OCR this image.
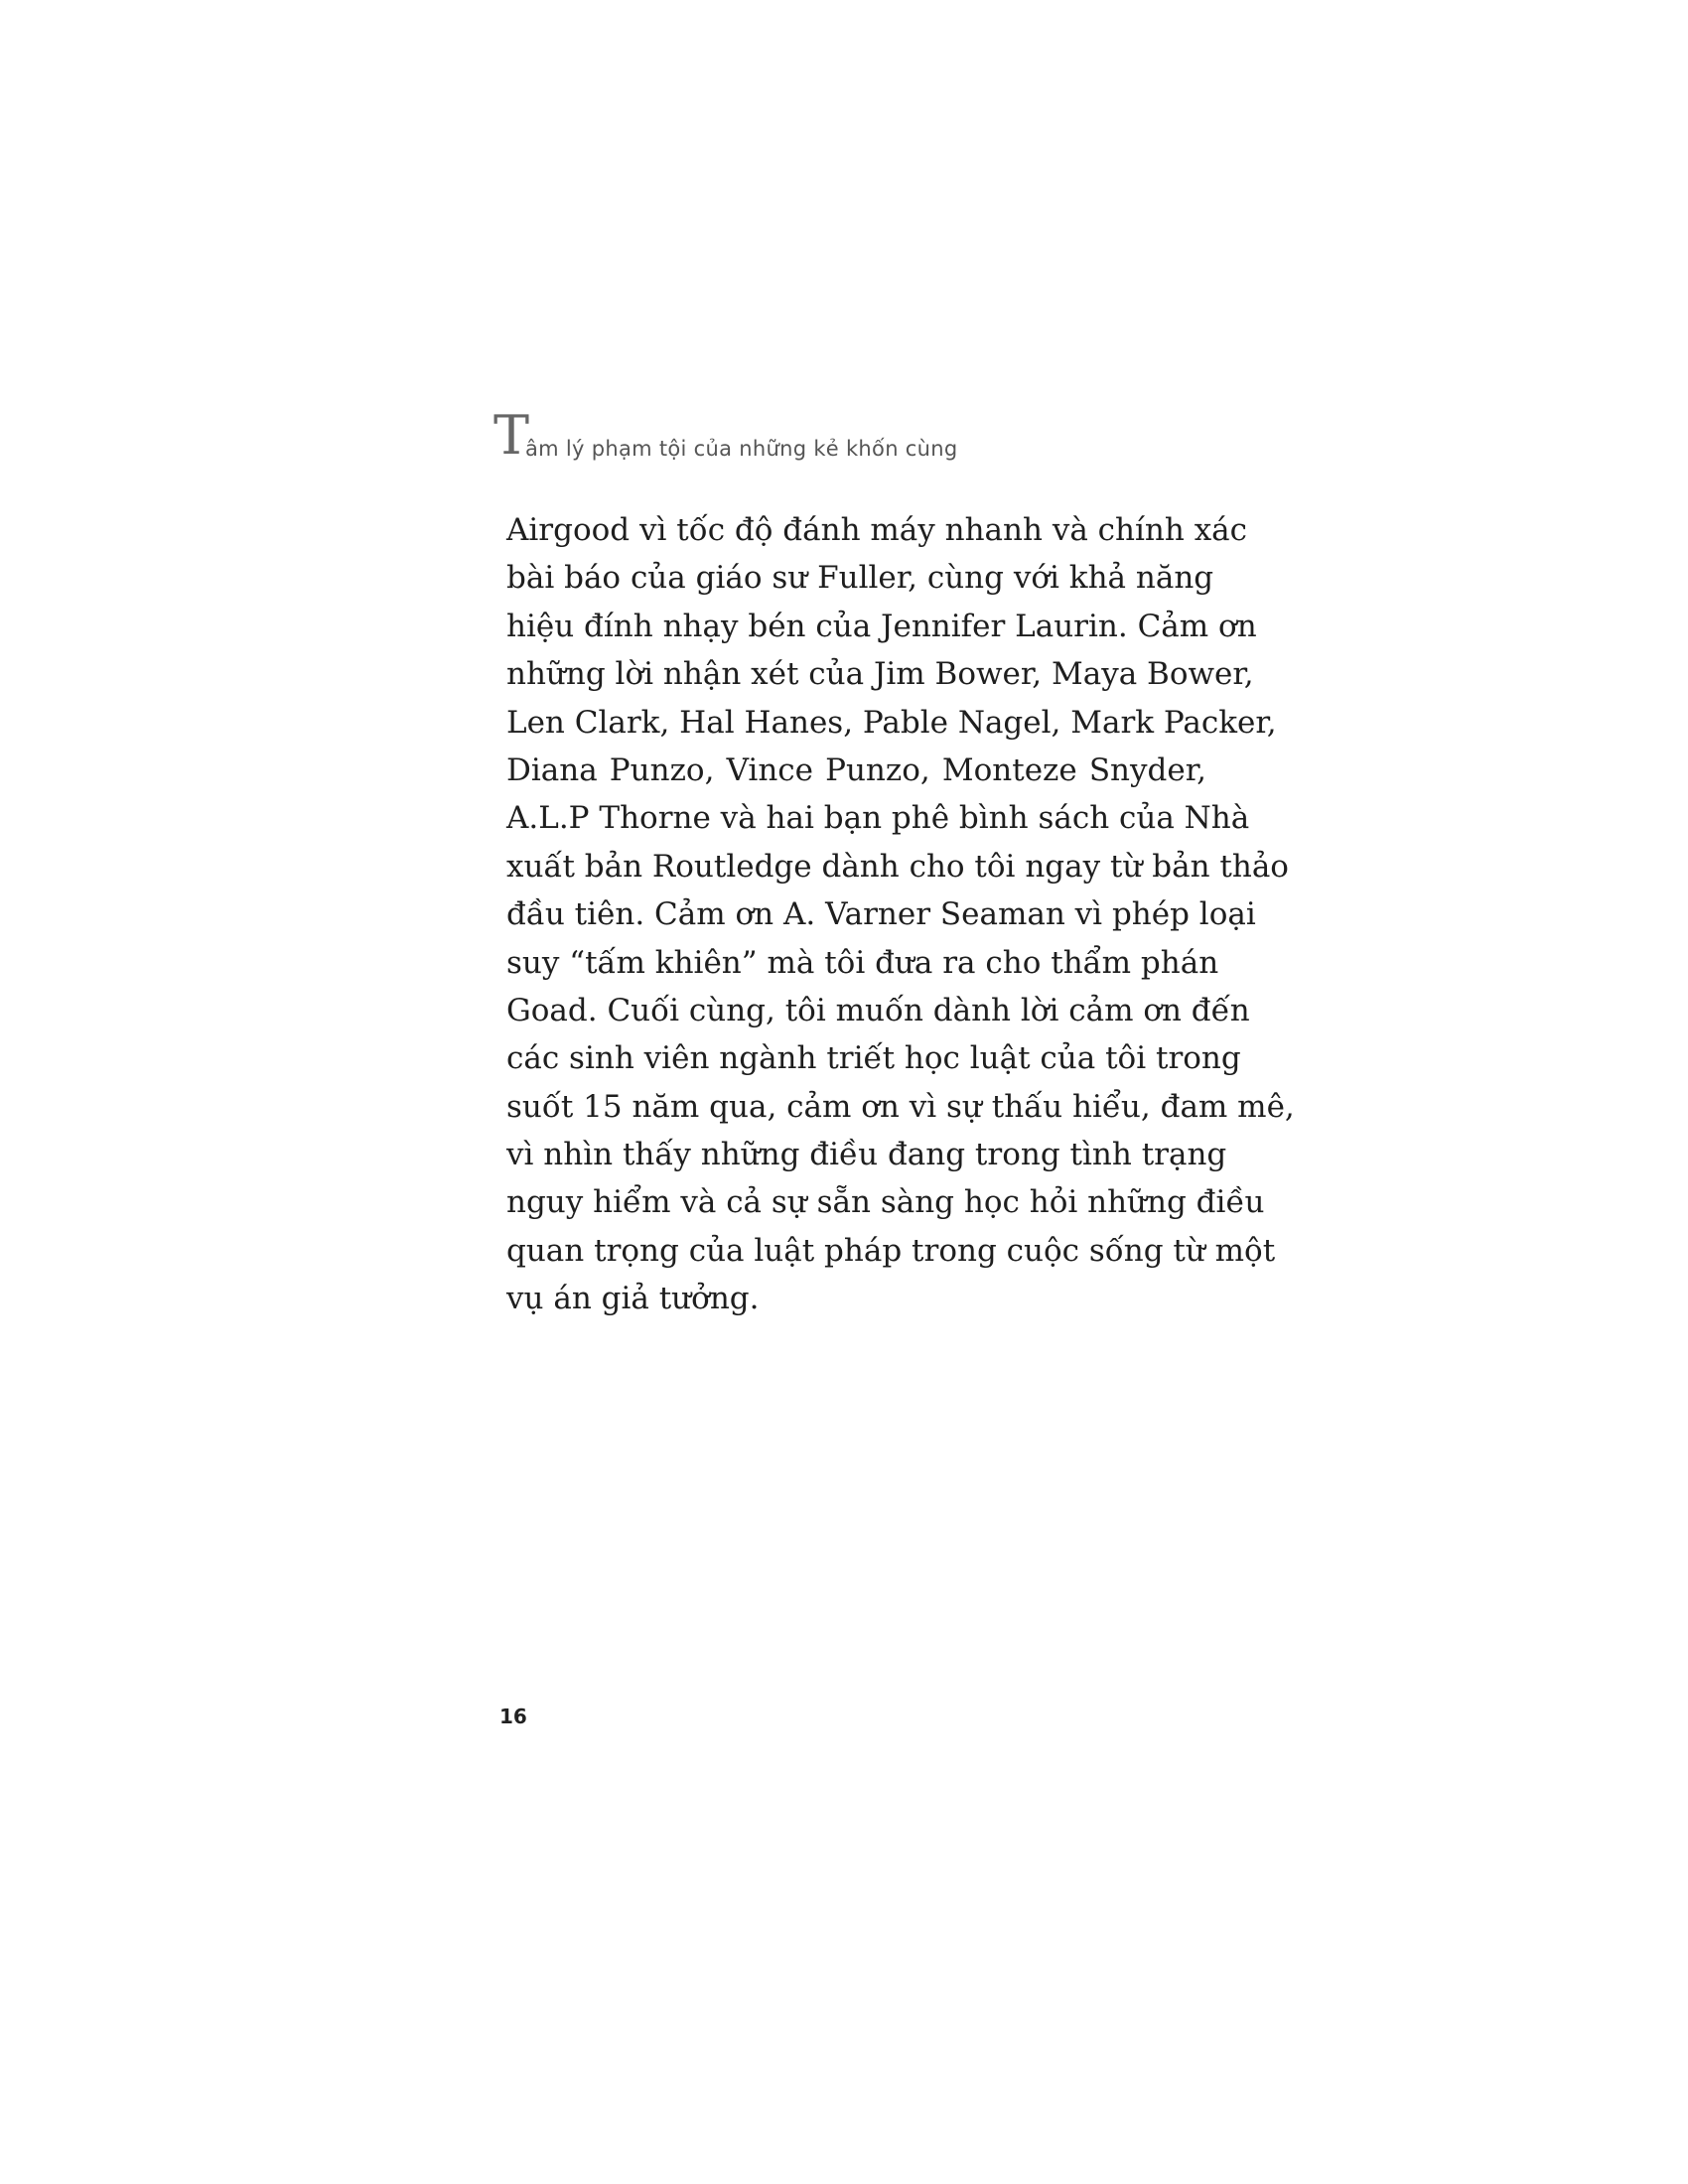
T
âm lý phạm tội của những kẻ khốn cùng
Airgood vì tốc độ đánh máy nhanh và chính xác
bài báo của giáo sư Fuller, cùng với khả năng
hiệu đính nhạy bén của Jennifer Laurin. Cảm ơn
những lời nhận xét của Jim Bower, Maya Bower,
Len Clark, Hal Hanes, Pable Nagel, Mark Packer,
Diana Punzo, Vince Punzo, Monteze Snyder,
A.L.P Thorne và hai bạn phê bình sách của Nhà
xuất bản Routledge dành cho tôi ngay từ bản thảo
đầu tiên. Cảm ơn A. Varner Seaman vì phép loại
suy “tấm khiên” mà tôi đưa ra cho thẩm phán
Goad. Cuối cùng, tôi muốn dành lời cảm ơn đến
các sinh viên ngành triết học luật của tôi trong
suốt 15 năm qua, cảm ơn vì sự thấu hiểu, đam mê,
vì nhìn thấy những điều đang trong tình trạng
nguy hiểm và cả sự sẵn sàng học hỏi những điều
quan trọng của luật pháp trong cuộc sống từ một
vụ án giả tưởng.
16
